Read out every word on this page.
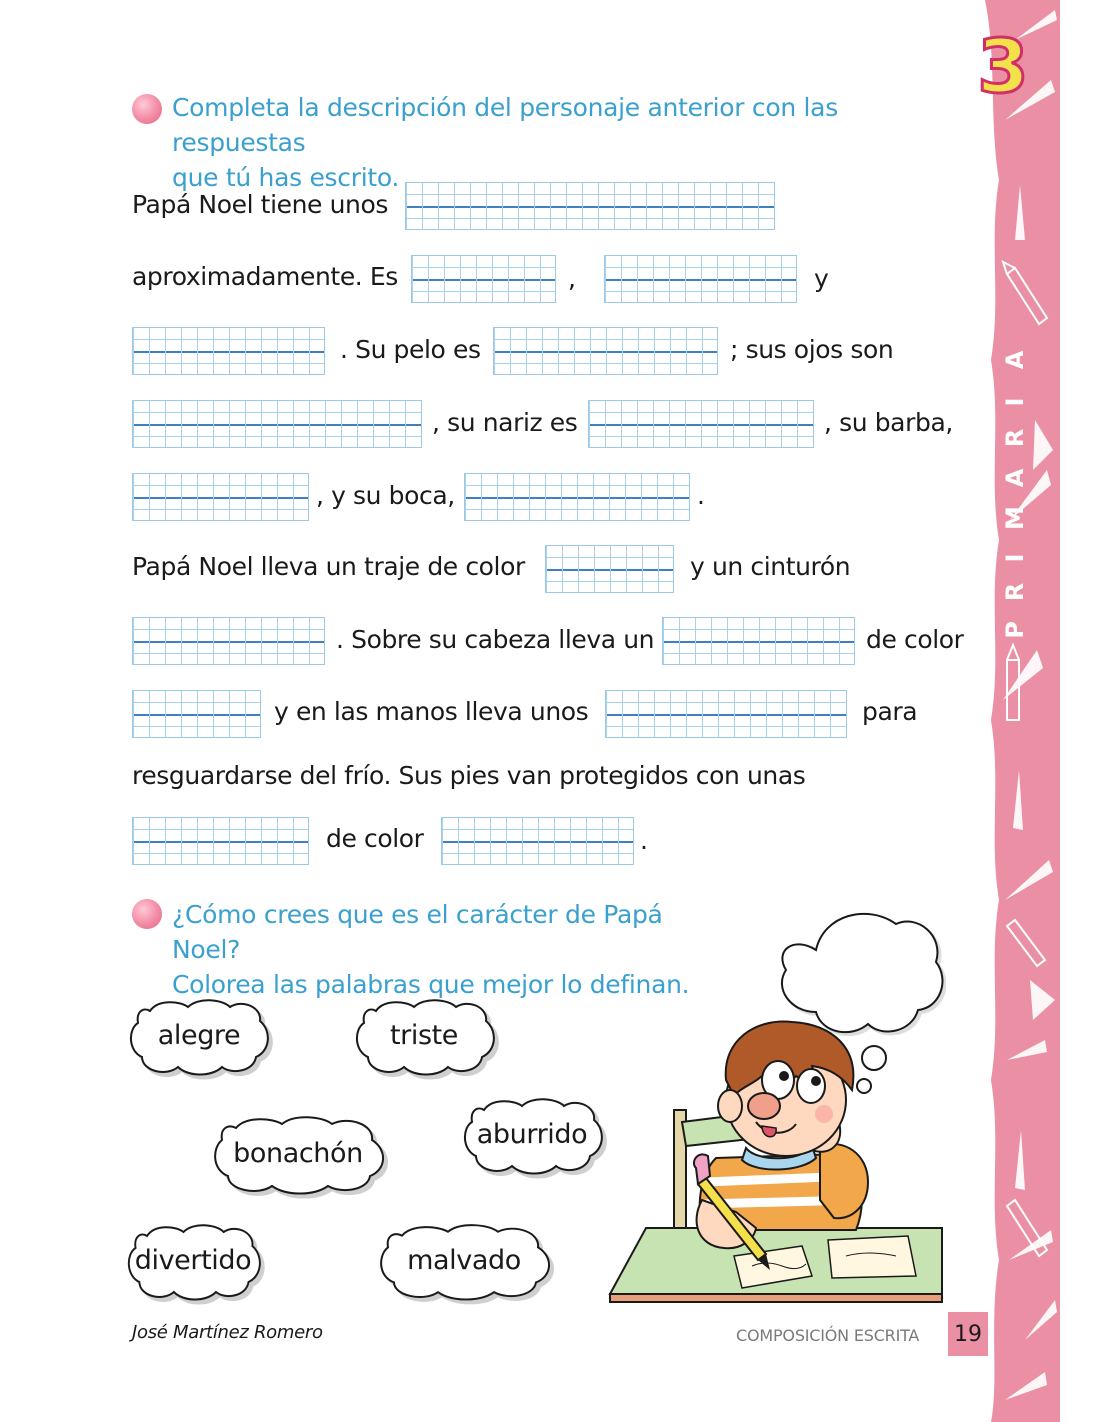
3
P
R
I
M
A
R
I
A
Completa la descripción del personaje anterior con las respuestas
que tú has escrito.
Papá Noel tiene unos
aproximadamente. Es	,	y
. Su pelo es	; sus ojos son
, su nariz es	, su barba,
, y su boca,	.
Papá Noel lleva un traje de color	y un cinturón
. Sobre su cabeza lleva un	de color
y en las manos lleva unos	para
resguardarse del frío. Sus pies van protegidos con unas
de color	.
¿Cómo crees que es el carácter de Papá Noel?
Colorea las palabras que mejor lo definan.
alegre	triste
bonachón
aburrido
divertido	malvado
José Martínez Romero	COMPOSICIÓN ESCRITA 19
